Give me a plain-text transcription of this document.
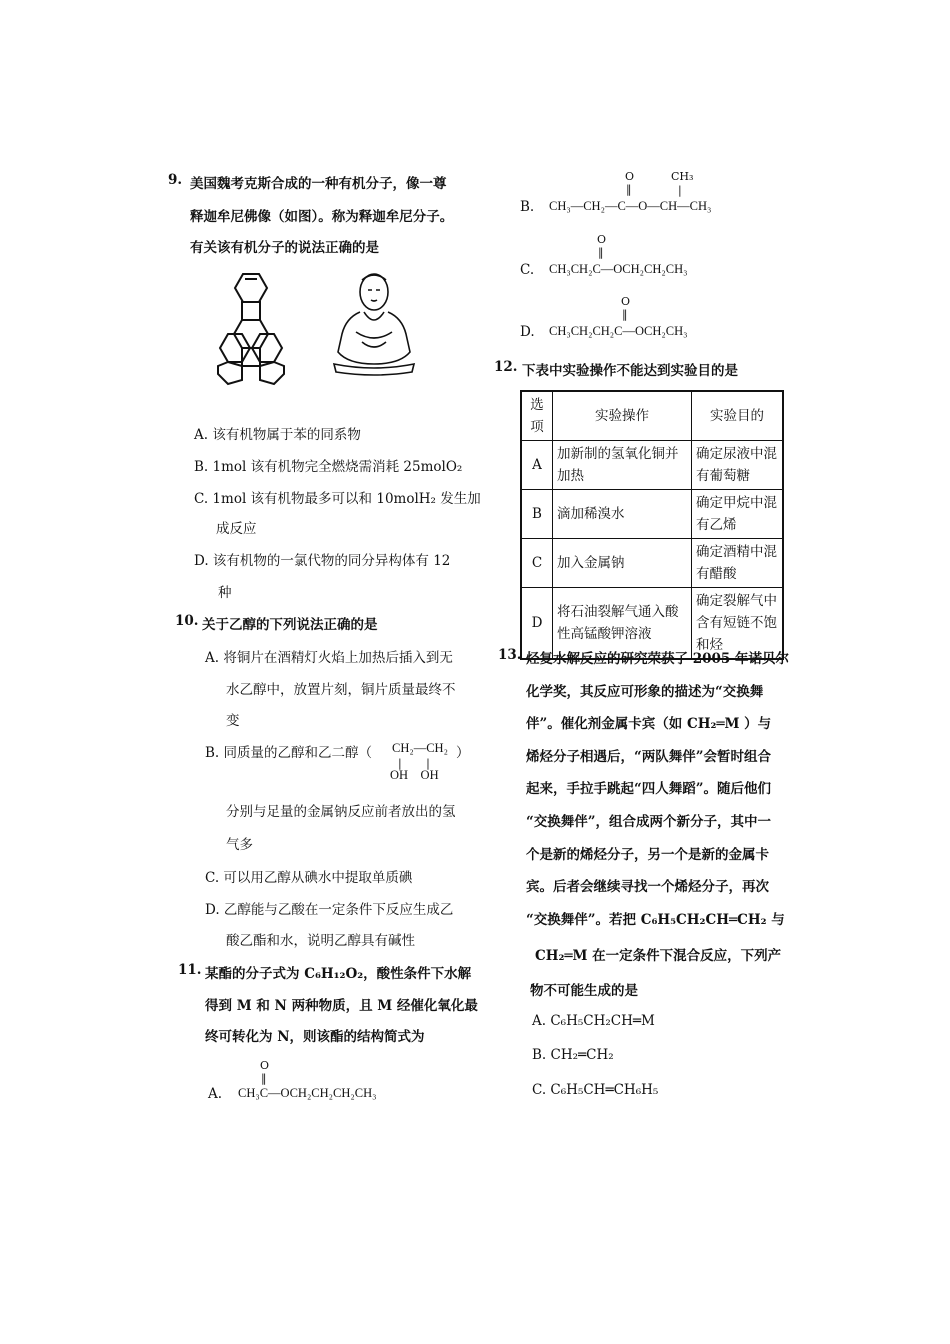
9. 美国魏考克斯合成的一种有机分子，像一尊
释迦牟尼佛像（如图）。称为释迦牟尼分子。
有关该有机分子的说法正确的是
A. 该有机物属于苯的同系物
B. 1mol 该有机物完全燃烧需消耗 25molO₂
C. 1mol 该有机物最多可以和 10molH₂ 发生加
成反应
D. 该有机物的一氯代物的同分异构体有 12
种
10. 关于乙醇的下列说法正确的是
A. 将铜片在酒精灯火焰上加热后插入到无
水乙醇中，放置片刻，铜片质量最终不
变
B. 同质量的乙醇和乙二醇（ CH₂—CH₂
|       |
OH    OH
）
分别与足量的金属钠反应前者放出的氢
气多
C. 可以用乙醇从碘水中提取单质碘
D. 乙醇能与乙酸在一定条件下反应生成乙
酸乙酯和水，说明乙醇具有碱性
11. 某酯的分子式为 C₆H₁₂O₂，酸性条件下水解
得到 M 和 N 两种物质，且 M 经催化氧化最
终可转化为 N，则该酯的结构简式为
O
‖
A. CH₃C—OCH₂CH₂CH₂CH₃
O
‖
CH₃
|
B. CH₃—CH₂—C—O—CH—CH₃
O
‖
C. CH₃CH₂C—OCH₂CH₂CH₃
O
‖
D. CH₃CH₂CH₂C—OCH₂CH₃
12. 下表中实验操作不能达到实验目的是
选项	实验操作	实验目的
A	加新制的氢氧化铜并加热	确定尿液中混有葡萄糖
B	滴加稀溴水	确定甲烷中混有乙烯
C	加入金属钠	确定酒精中混有醋酸
D	将石油裂解气通入酸性高锰酸钾溶液	确定裂解气中含有短链不饱和烃
13. 烃复水解反应的研究荣获了 2005 年诺贝尔
化学奖，其反应可形象的描述为“交换舞
伴”。催化剂金属卡宾（如 CH₂═M ）与
烯烃分子相遇后，“两队舞伴”会暂时组合
起来，手拉手跳起“四人舞蹈”。随后他们
“交换舞伴”，组合成两个新分子，其中一
个是新的烯烃分子，另一个是新的金属卡
宾。后者会继续寻找一个烯烃分子，再次
“交换舞伴”。若把 C₆H₅CH₂CH═CH₂ 与
CH₂═M 在一定条件下混合反应，下列产
物不可能生成的是
A. C₆H₅CH₂CH═M
B. CH₂═CH₂
C. C₆H₅CH═CH₆H₅
